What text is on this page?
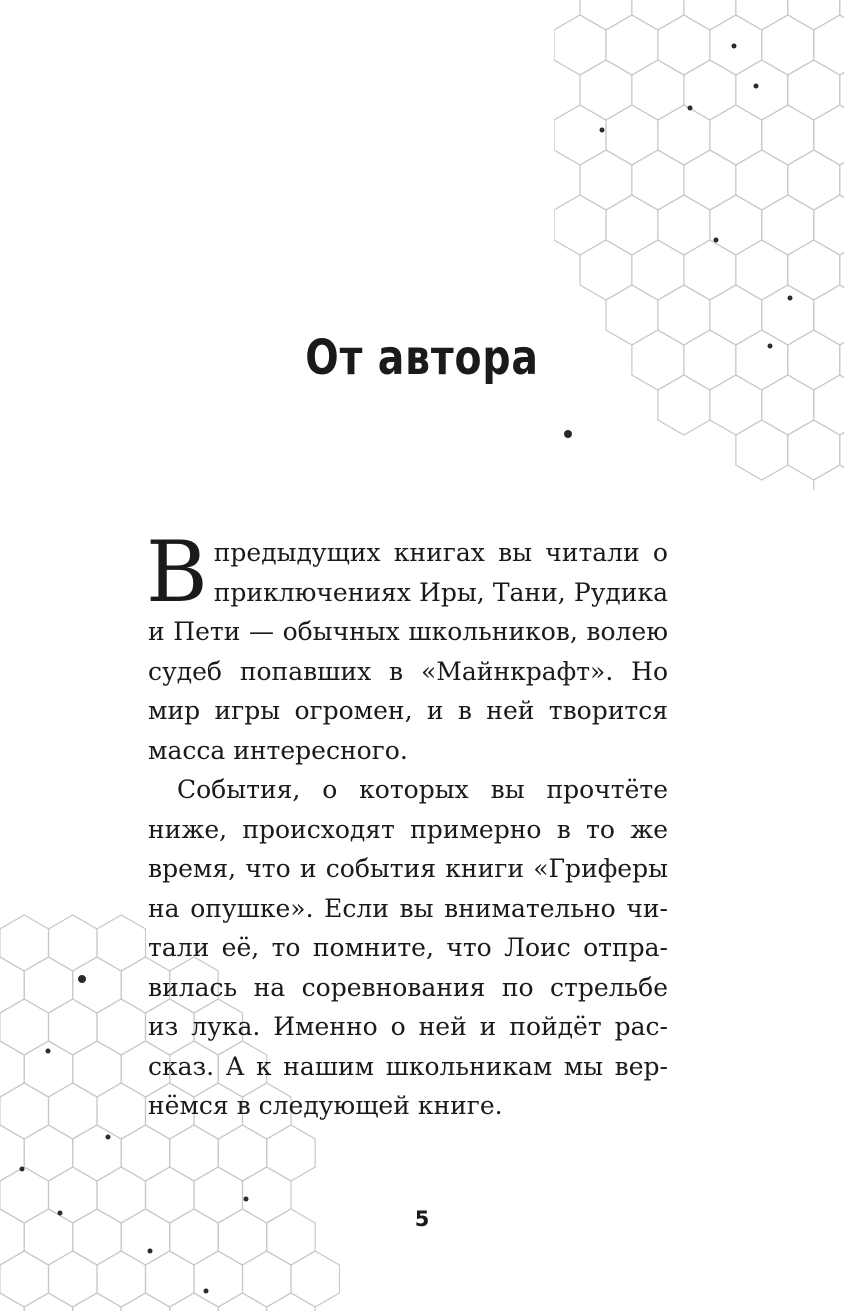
От автора

Впредыдущих книгах вы читали о приключениях Иры, Тани, Рудика и Пети — обычных школьников, волею судеб попавших в «Майнкрафт». Но мир игры огромен, и в ней творится масса интересного.

События, о которых вы прочтёте ниже, происходят примерно в то же время, что и события книги «Гриферы на опушке». Если вы внимательно читали её, то помните, что Лоис отправилась на соревнования по стрельбе из лука. Именно о ней и пойдёт рассказ. А к нашим школьникам мы вернёмся в следующей книге.

5
